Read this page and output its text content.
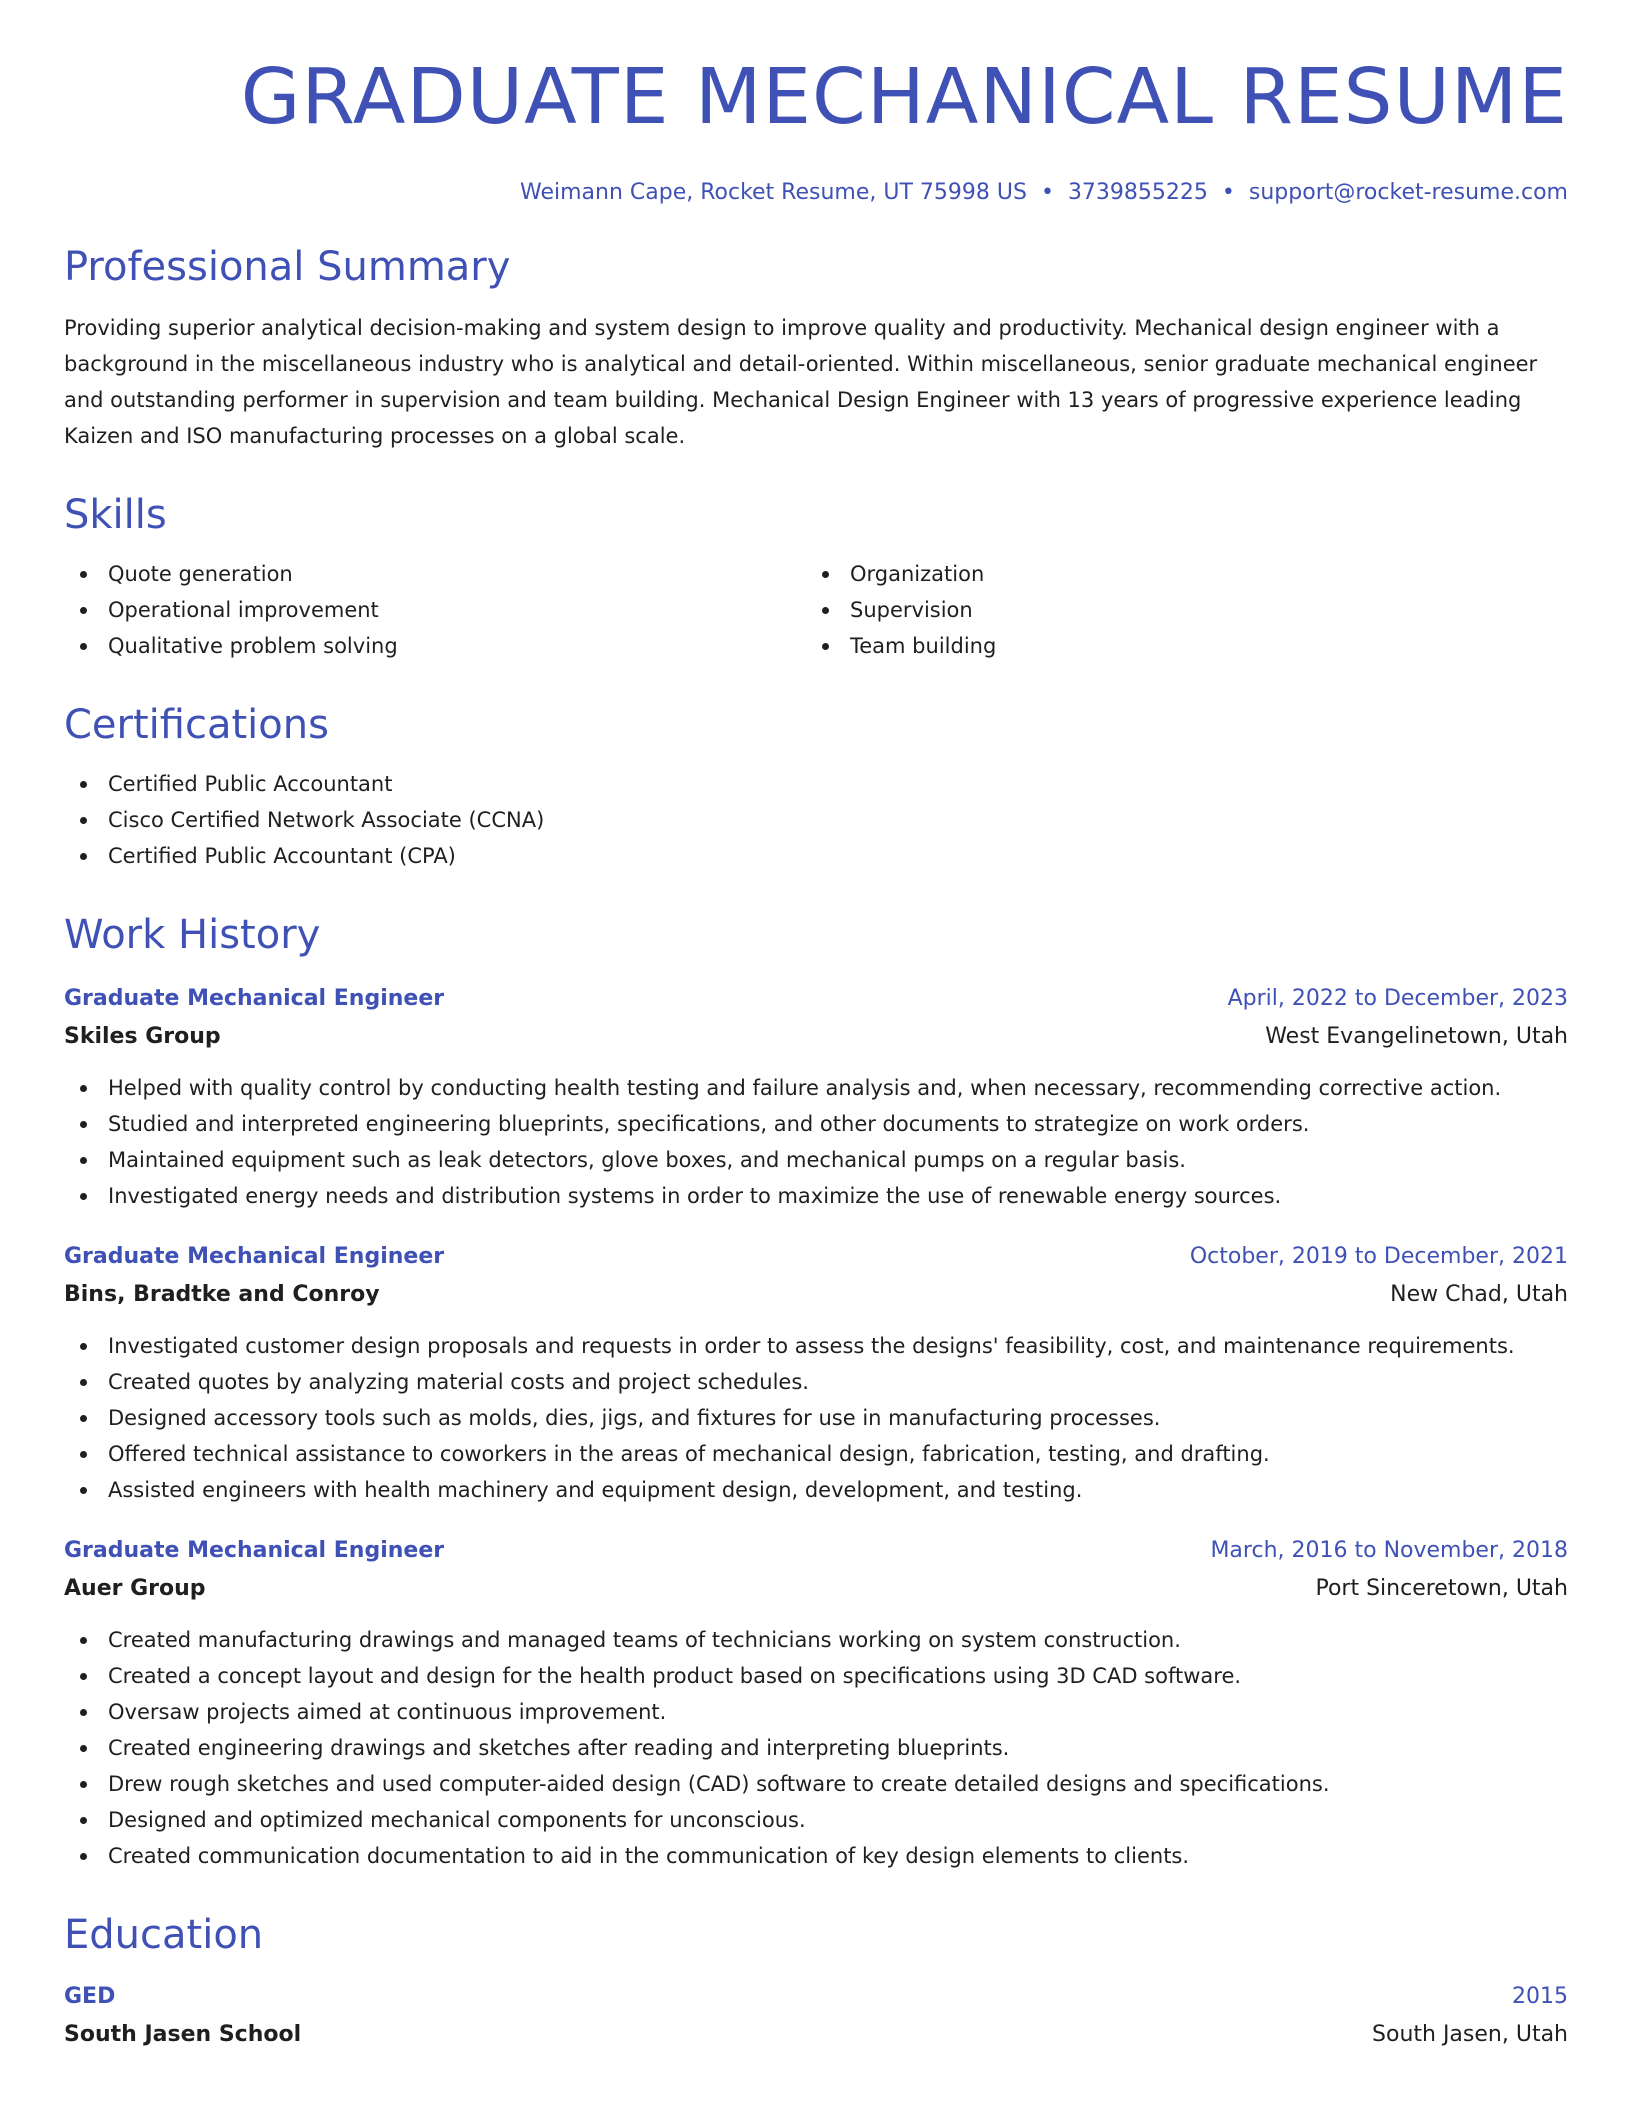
GRADUATE MECHANICAL RESUME
Weimann Cape, Rocket Resume, UT 75998 US • 3739855225 • support@rocket-resume.com
Professional Summary

Providing superior analytical decision-making and system design to improve quality and productivity. Mechanical design engineer with a background in the miscellaneous industry who is analytical and detail-oriented. Within miscellaneous, senior graduate mechanical engineer and outstanding performer in supervision and team building. Mechanical Design Engineer with 13 years of progressive experience leading Kaizen and ISO manufacturing processes on a global scale.

Skills
Quote generation
Operational improvement
Qualitative problem solving
Organization
Supervision
Team building
Certifications
Certified Public Accountant
Cisco Certified Network Associate (CCNA)
Certified Public Accountant (CPA)
Work History
Graduate Mechanical Engineer	April, 2022 to December, 2023
Skiles Group	West Evangelinetown, Utah
Helped with quality control by conducting health testing and failure analysis and, when necessary, recommending corrective action.
Studied and interpreted engineering blueprints, specifications, and other documents to strategize on work orders.
Maintained equipment such as leak detectors, glove boxes, and mechanical pumps on a regular basis.
Investigated energy needs and distribution systems in order to maximize the use of renewable energy sources.
Graduate Mechanical Engineer	October, 2019 to December, 2021
Bins, Bradtke and Conroy	New Chad, Utah
Investigated customer design proposals and requests in order to assess the designs' feasibility, cost, and maintenance requirements.
Created quotes by analyzing material costs and project schedules.
Designed accessory tools such as molds, dies, jigs, and fixtures for use in manufacturing processes.
Offered technical assistance to coworkers in the areas of mechanical design, fabrication, testing, and drafting.
Assisted engineers with health machinery and equipment design, development, and testing.
Graduate Mechanical Engineer	March, 2016 to November, 2018
Auer Group	Port Sinceretown, Utah
Created manufacturing drawings and managed teams of technicians working on system construction.
Created a concept layout and design for the health product based on specifications using 3D CAD software.
Oversaw projects aimed at continuous improvement.
Created engineering drawings and sketches after reading and interpreting blueprints.
Drew rough sketches and used computer-aided design (CAD) software to create detailed designs and specifications.
Designed and optimized mechanical components for unconscious.
Created communication documentation to aid in the communication of key design elements to clients.
Education
GED	2015
South Jasen School	South Jasen, Utah
